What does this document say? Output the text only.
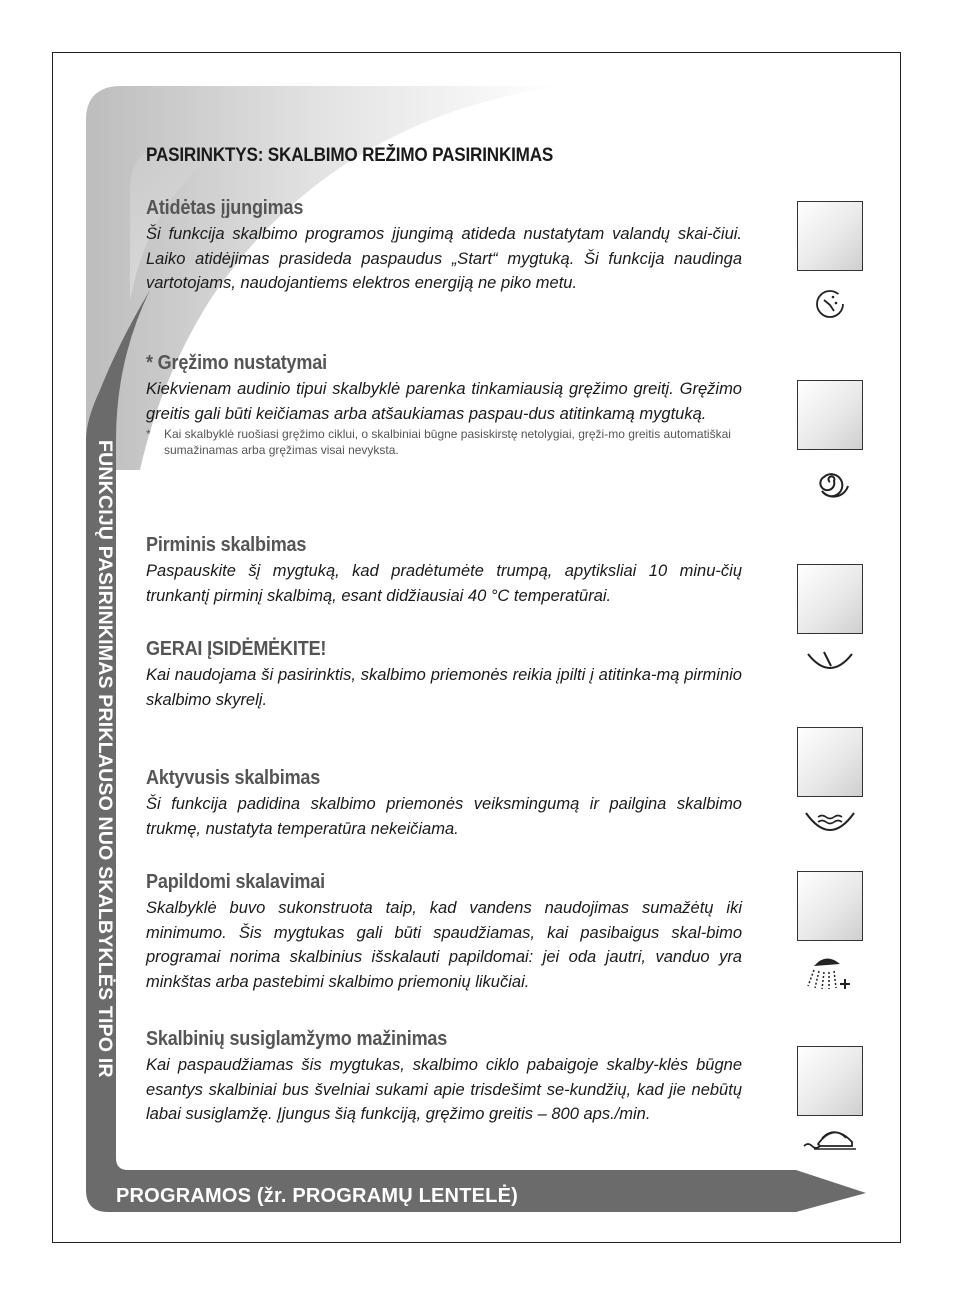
FUNKCIJŲ PASIRINKIMAS PRIKLAUSO NUO SKALBYKLĖS TIPO IR
PROGRAMOS (žr. PROGRAMŲ LENTELĖ)
PASIRINKTYS: SKALBIMO REŽIMO PASIRINKIMAS
Atidėtas įjungimas

Ši funkcija skalbimo programos įjungimą atideda nustatytam valandų skai-čiui. Laiko atidėjimas prasideda paspaudus „Start“ mygtuką. Ši funkcija naudinga vartotojams, naudojantiems elektros energiją ne piko metu.

* Gręžimo nustatymai

Kiekvienam audinio tipui skalbyklė parenka tinkamiausią gręžimo greitį. Gręžimo greitis gali būti keičiamas arba atšaukiamas paspau-dus atitinkamą mygtuką.

* Kai skalbyklė ruošiasi gręžimo ciklui, o skalbiniai būgne pasiskirstę netolygiai, gręži-mo greitis automatiškai sumažinamas arba gręžimas visai nevyksta.
Pirminis skalbimas

Paspauskite šį mygtuką, kad pradėtumėte trumpą, apytiksliai 10 minu-čių trunkantį pirminį skalbimą, esant didžiausiai 40 °C temperatūrai.

GERAI ĮSIDĖMĖKITE!

Kai naudojama ši pasirinktis, skalbimo priemonės reikia įpilti į atitinka-mą pirminio skalbimo skyrelį.

Aktyvusis skalbimas

Ši funkcija padidina skalbimo priemonės veiksmingumą ir pailgina skalbimo trukmę, nustatyta temperatūra nekeičiama.

Papildomi skalavimai

Skalbyklė buvo sukonstruota taip, kad vandens naudojimas sumažėtų iki minimumo. Šis mygtukas gali būti spaudžiamas, kai pasibaigus skal-bimo programai norima skalbinius išskalauti papildomai: jei oda jautri, vanduo yra minkštas arba pastebimi skalbimo priemonių likučiai.

Skalbinių susiglamžymo mažinimas

Kai paspaudžiamas šis mygtukas, skalbimo ciklo pabaigoje skalby-klės būgne esantys skalbiniai bus švelniai sukami apie trisdešimt se-kundžių, kad jie nebūtų labai susiglamžę. Įjungus šią funkciją, gręžimo greitis – 800 aps./min.
